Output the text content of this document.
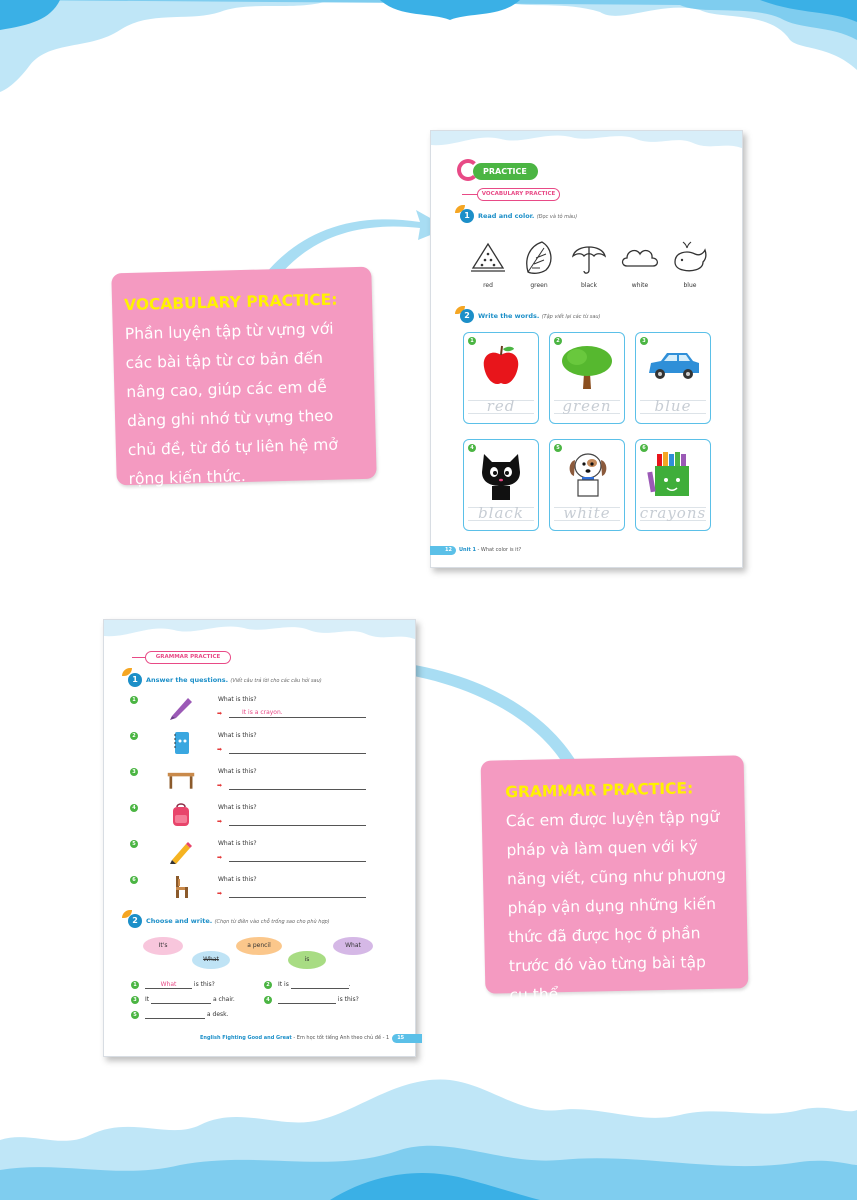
PRACTICE
VOCABULARY PRACTICE
1	Read and color. (Đọc và tô màu)
red	green	black	white	blue
2	Write the words. (Tập viết lại các từ sau)
1
red
2
green
3
blue
4
black
5
white
6
crayons
12 Unit 1 - What color is it?
GRAMMAR PRACTICE
1	Answer the questions. (Viết câu trả lời cho các câu hỏi sau)
1	What is this?
➡	It is a crayon.
2	What is this?
➡
3	What is this?
➡
4	What is this?
➡
5	What is this?
➡
6	What is this?
➡
2	Choose and write. (Chọn từ điền vào chỗ trống sao cho phù hợp)
It's
What
a pencil
is
What
1	What	is this?	2 It is	.
3 It	a chair.	4	is this?
5	a desk.
English Fighting Good and Great - Em học tốt tiếng Anh theo chủ đề - 1 15
VOCABULARY PRACTICE: Phần luyện tập từ vựng với các bài tập từ cơ bản đến nâng cao, giúp các em dễ dàng ghi nhớ từ vựng theo chủ đề, từ đó tự liên hệ mở rộng kiến thức.
GRAMMAR PRACTICE: Các em được luyện tập ngữ pháp và làm quen với kỹ năng viết, cũng như phương pháp vận dụng những kiến thức đã được học ở phần trước đó vào từng bài tập cụ thể.
